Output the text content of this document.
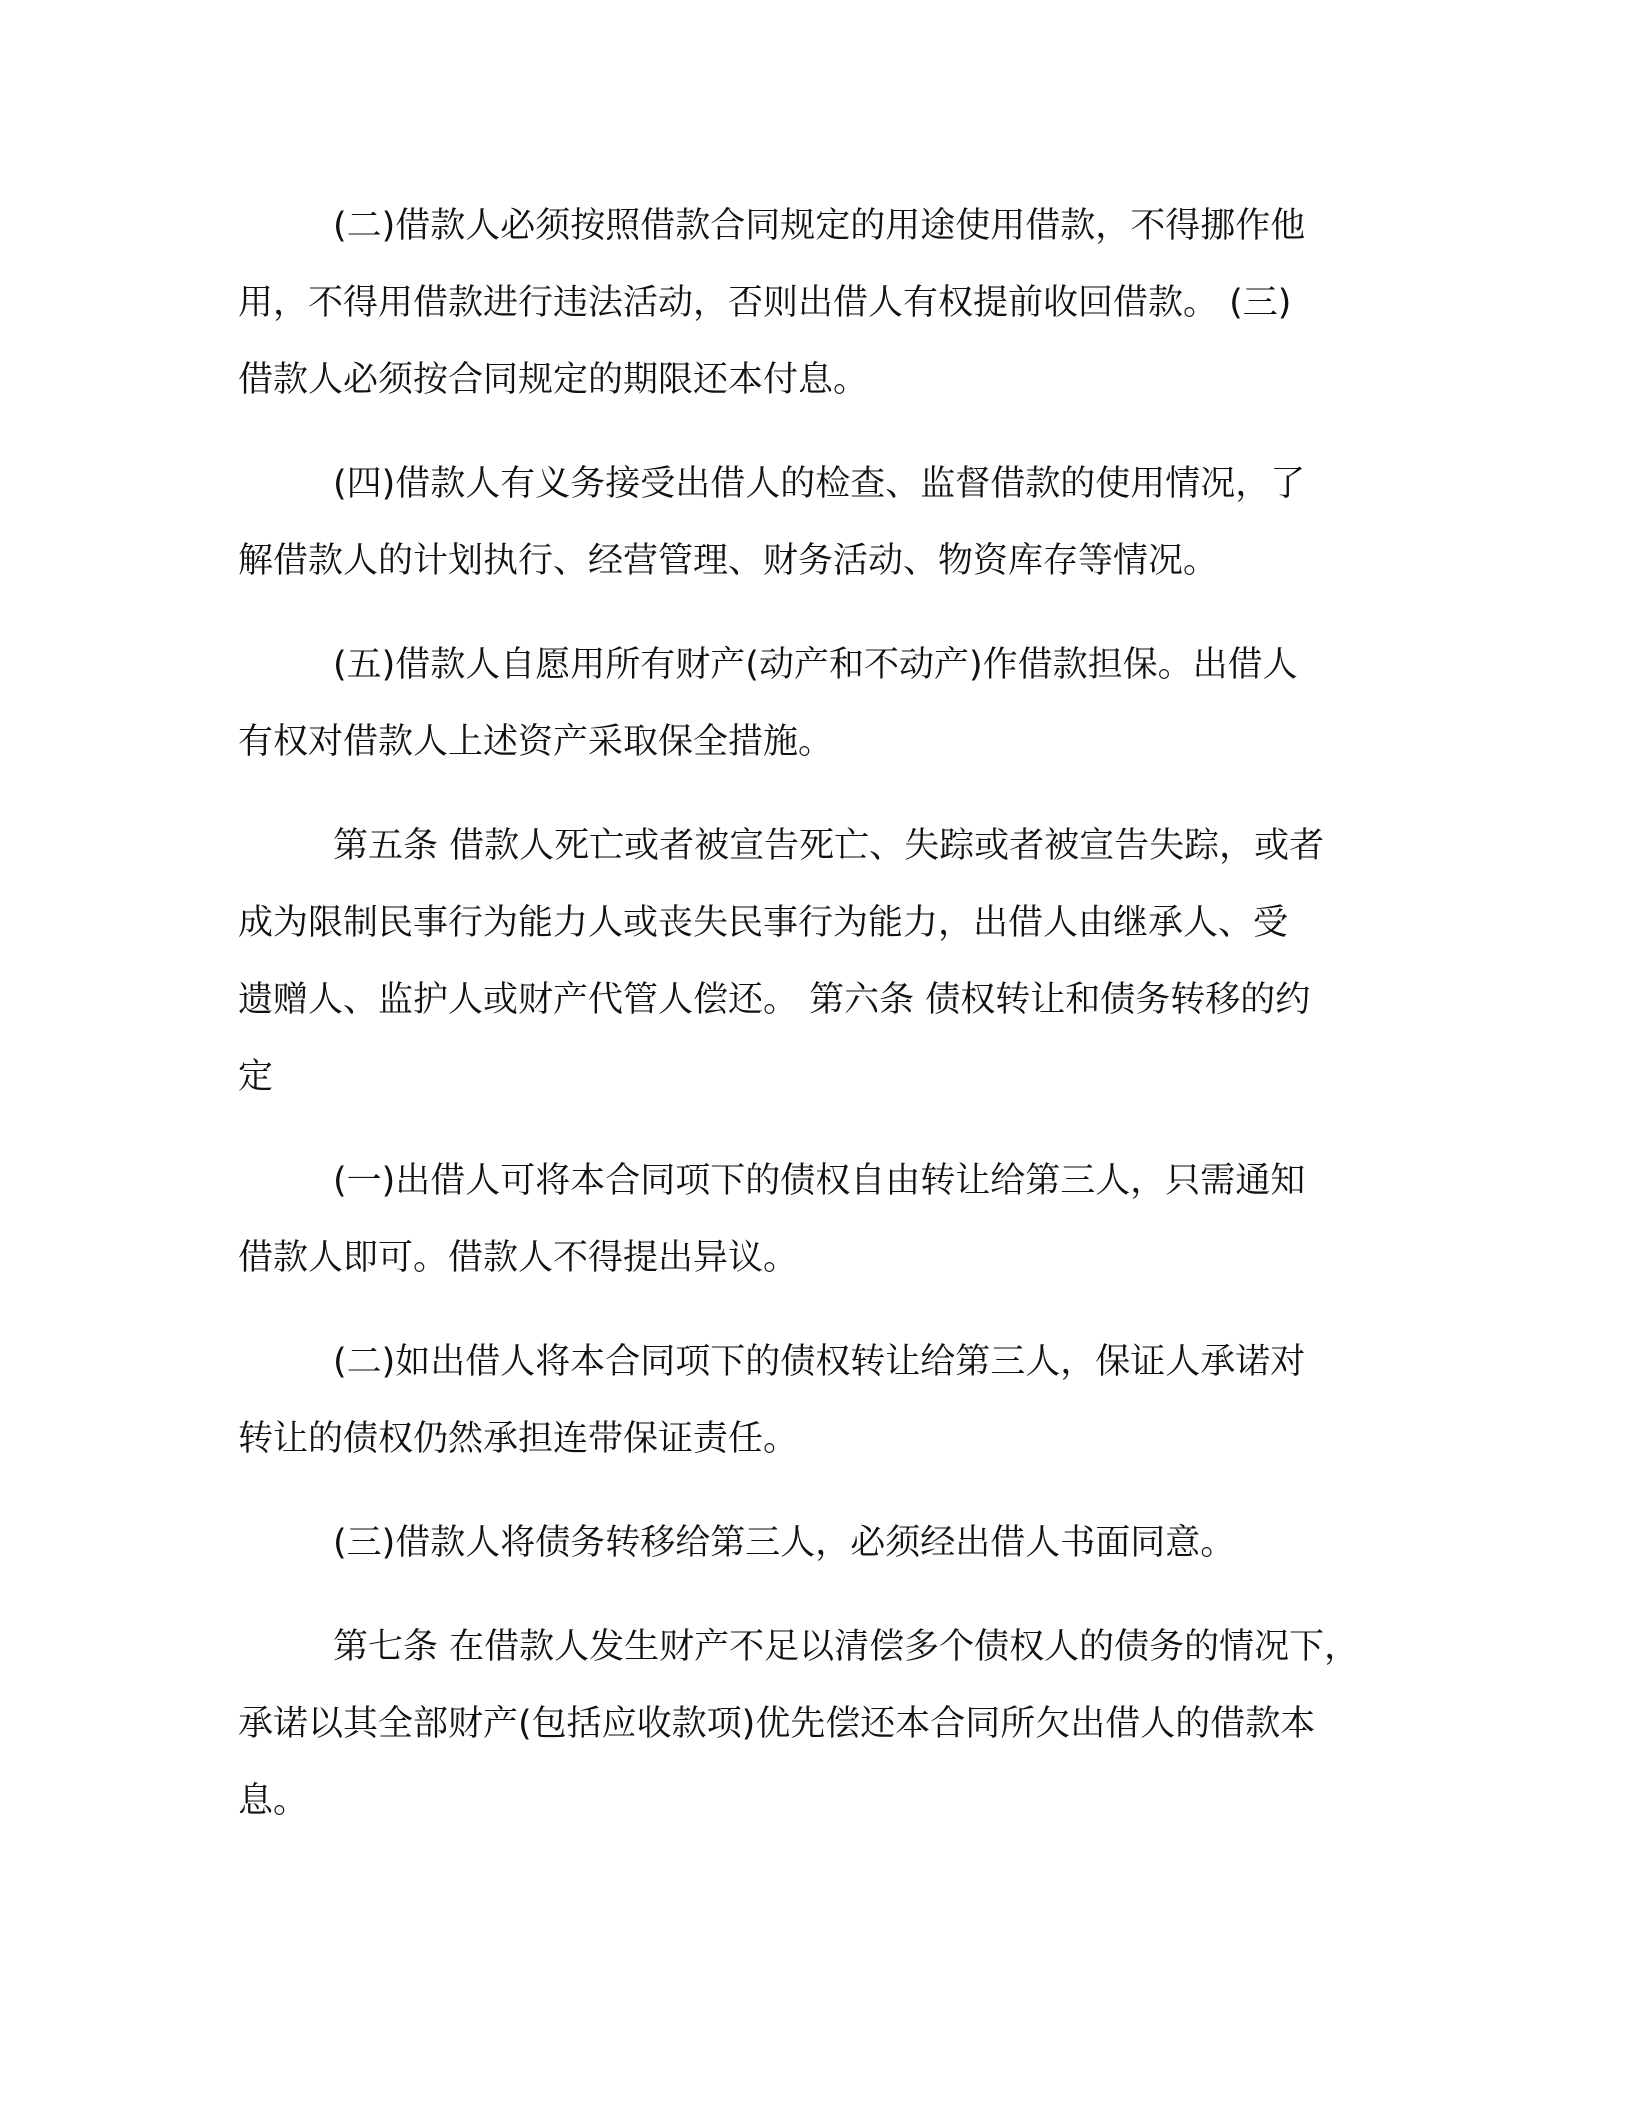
(二)借款人必须按照借款合同规定的用途使用借款，不得挪作他
用，不得用借款进行违法活动，否则出借人有权提前收回借款。 (三)
借款人必须按合同规定的期限还本付息。

(四)借款人有义务接受出借人的检查、监督借款的使用情况，了
解借款人的计划执行、经营管理、财务活动、物资库存等情况。

(五)借款人自愿用所有财产(动产和不动产)作借款担保。出借人
有权对借款人上述资产采取保全措施。

第五条 借款人死亡或者被宣告死亡、失踪或者被宣告失踪，或者
成为限制民事行为能力人或丧失民事行为能力，出借人由继承人、受
遗赠人、监护人或财产代管人偿还。 第六条 债权转让和债务转移的约
定

(一)出借人可将本合同项下的债权自由转让给第三人，只需通知
借款人即可。借款人不得提出异议。

(二)如出借人将本合同项下的债权转让给第三人，保证人承诺对
转让的债权仍然承担连带保证责任。

(三)借款人将债务转移给第三人，必须经出借人书面同意。

第七条 在借款人发生财产不足以清偿多个债权人的债务的情况下，
承诺以其全部财产(包括应收款项)优先偿还本合同所欠出借人的借款本
息。
